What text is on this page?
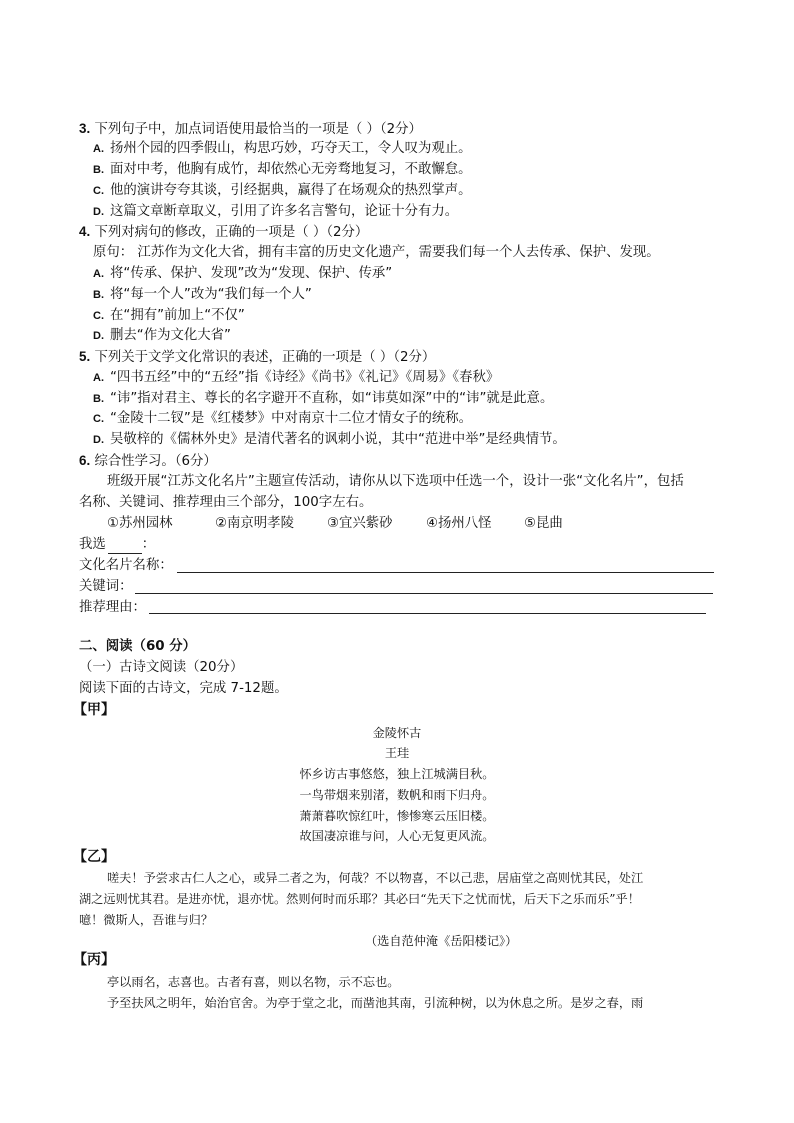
3. 下列句子中，加点词语使用最恰当的一项是（ ）（2分）
A. 扬州个园的四季假山，构思巧妙，巧夺天工，令人叹为观止。
B. 面对中考，他胸有成竹，却依然心无旁骛地复习，不敢懈怠。
C. 他的演讲夸夸其谈，引经据典，赢得了在场观众的热烈掌声。
D. 这篇文章断章取义，引用了许多名言警句，论证十分有力。
4. 下列对病句的修改，正确的一项是（ ）（2分）
原句： 江苏作为文化大省，拥有丰富的历史文化遗产，需要我们每一个人去传承、保护、发现。
A. 将“传承、保护、发现”改为“发现、保护、传承”
B. 将“每一个人”改为“我们每一个人”
C. 在“拥有”前加上“不仅”
D. 删去“作为文化大省”
5. 下列关于文学文化常识的表述，正确的一项是（ ）（2分）
A. “四书五经”中的“五经”指《诗经》《尚书》《礼记》《周易》《春秋》
B. “讳”指对君主、尊长的名字避开不直称，如“讳莫如深”中的“讳”就是此意。
C. “金陵十二钗”是《红楼梦》中对南京十二位才情女子的统称。
D. 吴敬梓的《儒林外史》是清代著名的讽刺小说，其中“范进中举”是经典情节。
6. 综合性学习。（6分）
班级开展“江苏文化名片”主题宣传活动，请你从以下选项中任选一个，设计一张“文化名片”，包括
名称、关键词、推荐理由三个部分，100字左右。
①苏州园林	②南京明孝陵 ③宜兴紫砂 ④扬州八怪 ⑤昆曲
我选	：
文化名片名称：
关键词：
推荐理由：
二、阅读（60 分）
（一）古诗文阅读（20分）
阅读下面的古诗文，完成 7-12题。
【甲】
金陵怀古
王珪
怀乡访古事悠悠，独上江城满目秋。
一鸟带烟来别渚，数帆和雨下归舟。
萧萧暮吹惊红叶，惨惨寒云压旧楼。
故国凄凉谁与问，人心无复更风流。
【乙】
嗟夫！予尝求古仁人之心，或异二者之为，何哉？不以物喜，不以己悲，居庙堂之高则忧其民，处江
湖之远则忧其君。是进亦忧，退亦忧。然则何时而乐耶？其必曰“先天下之忧而忧，后天下之乐而乐”乎！
噫！微斯人，吾谁与归？
（选自范仲淹《岳阳楼记》）
【丙】
亭以雨名，志喜也。古者有喜，则以名物，示不忘也。
予至扶风之明年，始治官舍。为亭于堂之北，而凿池其南，引流种树，以为休息之所。是岁之春，雨
